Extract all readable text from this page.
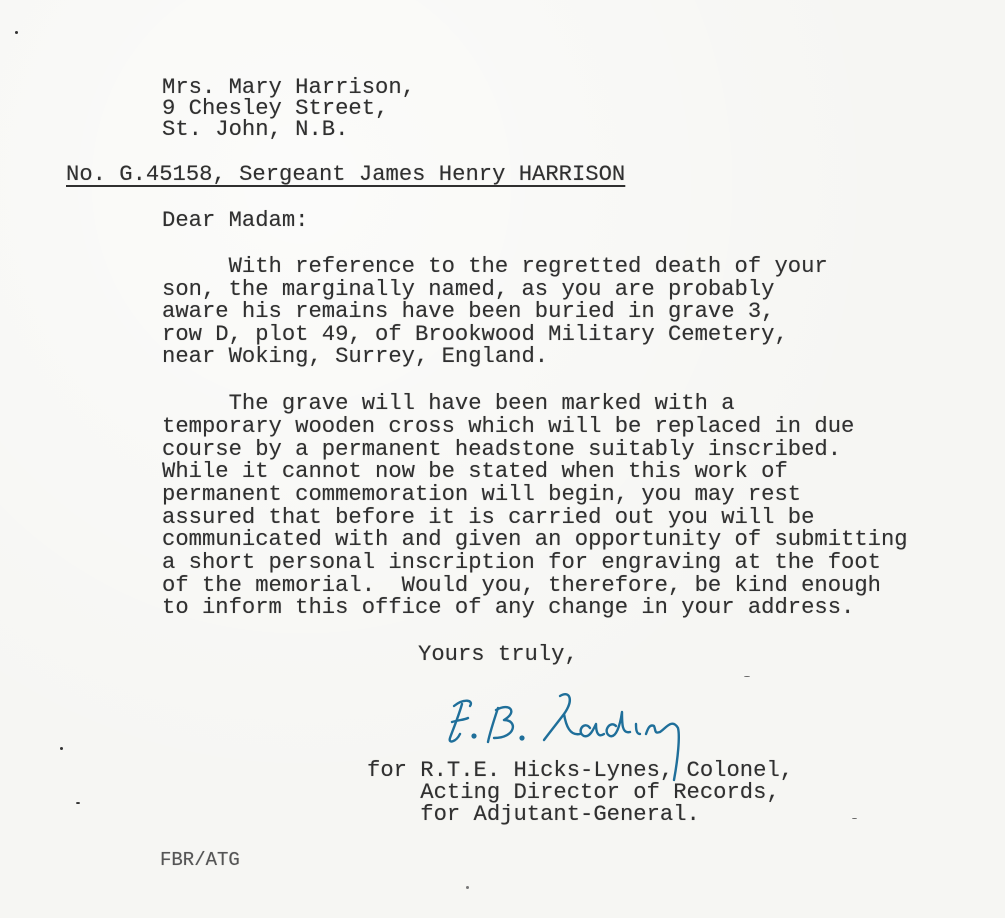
Mrs. Mary Harrison,
9 Chesley Street,
St. John, N.B.
No. G.45158, Sergeant James Henry HARRISON
Dear Madam:
With reference to the regretted death of your
son, the marginally named, as you are probably
aware his remains have been buried in grave 3,
row D, plot 49, of Brookwood Military Cemetery,
near Woking, Surrey, England.
The grave will have been marked with a
temporary wooden cross which will be replaced in due
course by a permanent headstone suitably inscribed.
While it cannot now be stated when this work of
permanent commemoration will begin, you may rest
assured that before it is carried out you will be
communicated with and given an opportunity of submitting
a short personal inscription for engraving at the foot
of the memorial.  Would you, therefore, be kind enough
to inform this office of any change in your address.
Yours truly,
for R.T.E. Hicks-Lynes, Colonel,
Acting Director of Records,
for Adjutant-General.
FBR/ATG
